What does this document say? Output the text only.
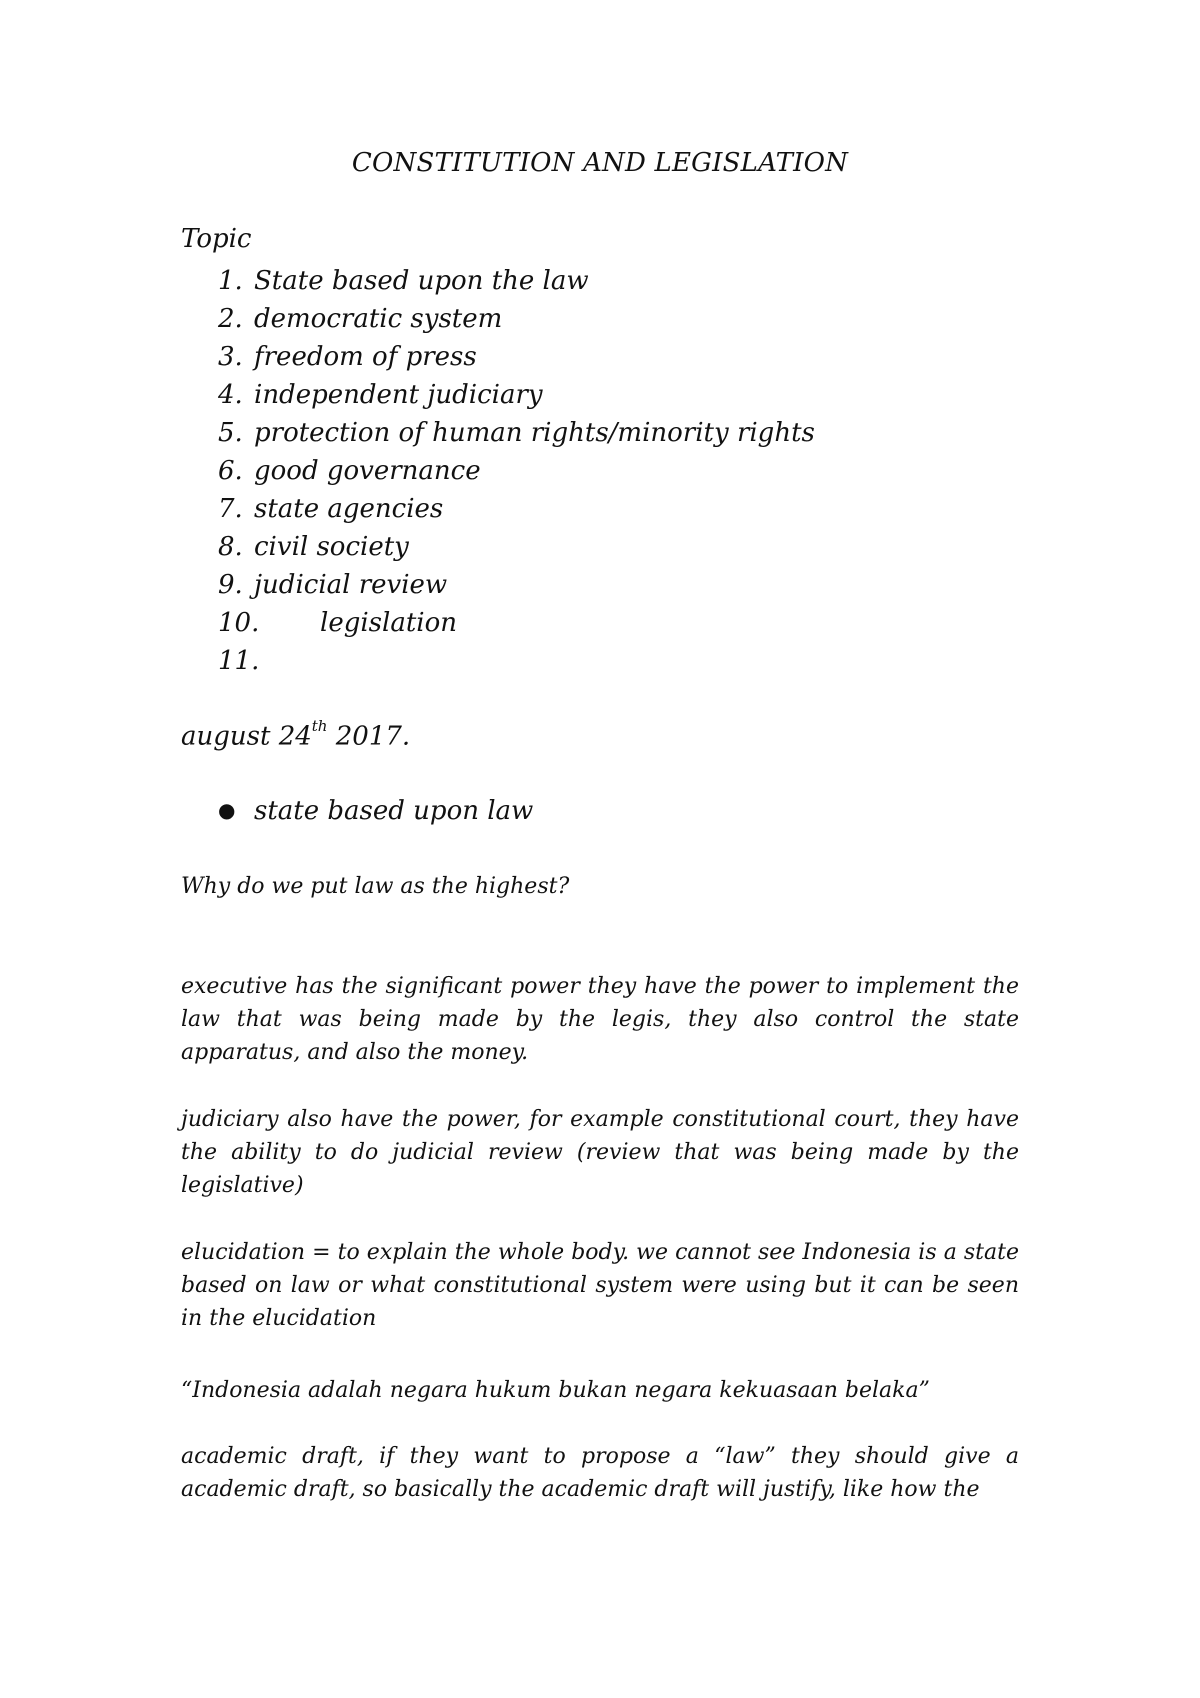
CONSTITUTION AND LEGISLATION
Topic
1. State based upon the law
2. democratic system
3. freedom of press
4. independent judiciary
5. protection of human rights/minority rights
6. good governance
7. state agencies
8. civil society
9. judicial review
10. legislation
11.
august 24th 2017.
● state based upon law
Why do we put law as the highest?
executive has the significant power they have the power to implement the law that was being made by the legis, they also control the state apparatus, and also the money.
judiciary also have the power, for example constitutional court, they have the ability to do judicial review (review that was being made by the legislative)
elucidation = to explain the whole body. we cannot see Indonesia is a state based on law or what constitutional system were using but it can be seen in the elucidation
“Indonesia adalah negara hukum bukan negara kekuasaan belaka”
academic draft, if they want to propose a “law” they should give a academic draft, so basically the academic draft will justify, like how the
